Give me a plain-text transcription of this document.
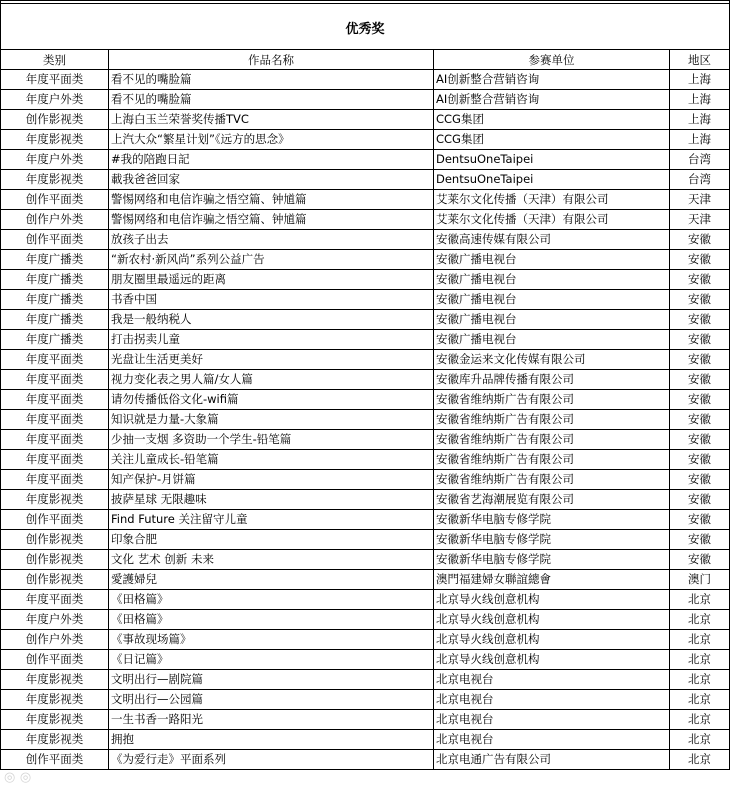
优秀奖			
类别	作品名称	参赛单位	地区
年度平面类	看不见的嘴脸篇	AI创新整合营销咨询	上海
年度户外类	看不见的嘴脸篇	AI创新整合营销咨询	上海
创作影视类	上海白玉兰荣誉奖传播TVC	CCG集团	上海
年度影视类	上汽大众“繁星计划”《远方的思念》	CCG集团	上海
年度户外类	#我的陪跑日記	DentsuOneTaipei	台湾
年度影视类	載我爸爸回家	DentsuOneTaipei	台湾
创作平面类	警惕网络和电信诈骗之悟空篇、钟馗篇	艾莱尔文化传播（天津）有限公司	天津
创作户外类	警惕网络和电信诈骗之悟空篇、钟馗篇	艾莱尔文化传播（天津）有限公司	天津
创作平面类	放孩子出去	安徽高速传媒有限公司	安徽
年度广播类	“新农村·新风尚”系列公益广告	安徽广播电视台	安徽
年度广播类	朋友圈里最遥远的距离	安徽广播电视台	安徽
年度广播类	书香中国	安徽广播电视台	安徽
年度广播类	我是一般纳税人	安徽广播电视台	安徽
年度广播类	打击拐卖儿童	安徽广播电视台	安徽
年度平面类	光盘让生活更美好	安徽金运来文化传媒有限公司	安徽
年度平面类	视力变化表之男人篇/女人篇	安徽库升品牌传播有限公司	安徽
年度平面类	请勿传播低俗文化-wifi篇	安徽省维纳斯广告有限公司	安徽
年度平面类	知识就是力量-大象篇	安徽省维纳斯广告有限公司	安徽
年度平面类	少抽一支烟 多资助一个学生-铅笔篇	安徽省维纳斯广告有限公司	安徽
年度平面类	关注儿童成长-铅笔篇	安徽省维纳斯广告有限公司	安徽
年度平面类	知产保护-月饼篇	安徽省维纳斯广告有限公司	安徽
年度影视类	披萨星球 无限趣味	安徽省艺海潮展览有限公司	安徽
创作平面类	Find Future 关注留守儿童	安徽新华电脑专修学院	安徽
创作影视类	印象合肥	安徽新华电脑专修学院	安徽
创作影视类	文化 艺术 创新 未来	安徽新华电脑专修学院	安徽
创作影视类	愛護婦兒	澳門福建婦女聯誼總會	澳门
年度平面类	《田格篇》	北京导火线创意机构	北京
年度户外类	《田格篇》	北京导火线创意机构	北京
创作户外类	《事故现场篇》	北京导火线创意机构	北京
创作平面类	《日记篇》	北京导火线创意机构	北京
年度影视类	文明出行—剧院篇	北京电视台	北京
年度影视类	文明出行—公园篇	北京电视台	北京
年度影视类	一生书香一路阳光	北京电视台	北京
年度影视类	拥抱	北京电视台	北京
创作平面类	《为爱行走》平面系列	北京电通广告有限公司	北京
◎ ◎
